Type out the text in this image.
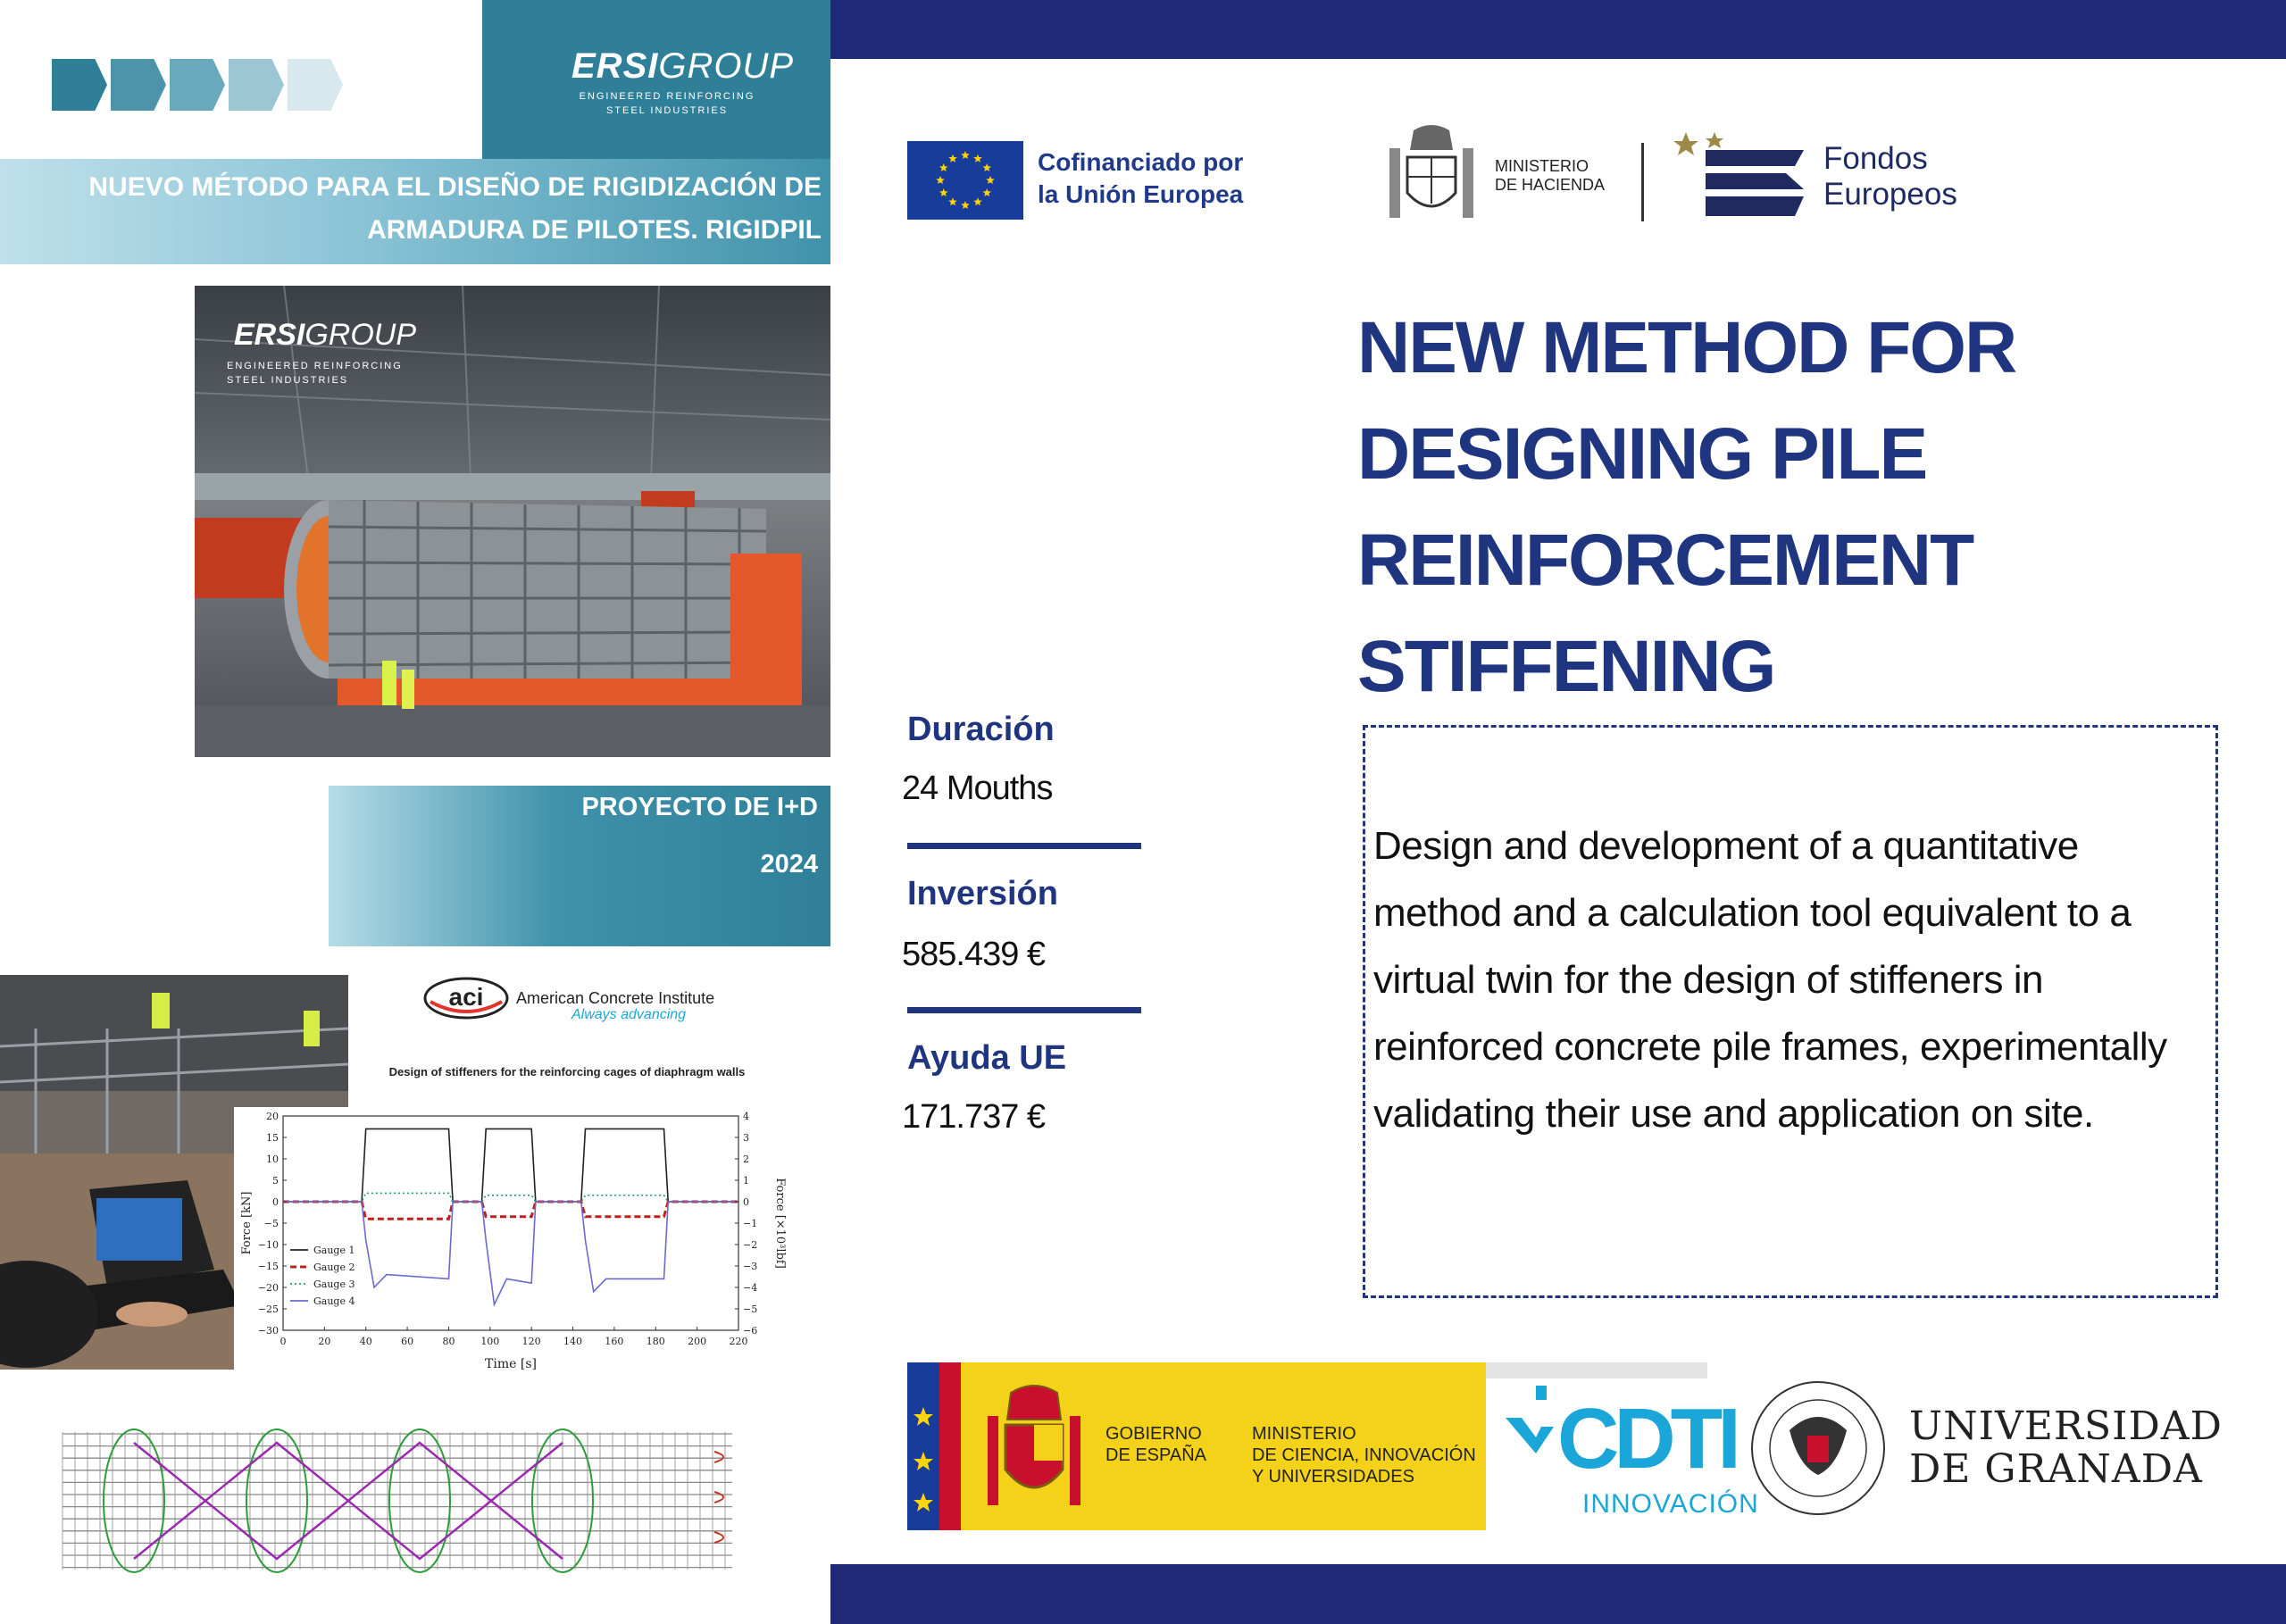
ERSIGROUP
ENGINEERED REINFORCING
STEEL INDUSTRIES
NUEVO MÉTODO PARA EL DISEÑO DE RIGIDIZACIÓN DE
ARMADURA DE PILOTES. RIGIDPIL
ERSIGROUP
ENGINEERED REINFORCING
STEEL INDUSTRIES
PROYECTO DE I+D
2024
aci American Concrete Institute
Always advancing
Design of stiffeners for the reinforcing cages of diaphragm walls
0	20	40	60	80	100 120 140 160 180 200 220
20
15
10
5
0
−5
−10
−15
−20
−25
−30
4
3
2
1
0
−1
−2
−3
−4
−5
−6
Gauge 1
Gauge 2
Gauge 3
Gauge 4
Time [s]
Force [kN]	Force [×10³lbf]
Cofinanciado por
la Unión Europea
MINISTERIO
DE HACIENDA
Fondos
Europeos
NEW METHOD FOR
DESIGNING PILE
REINFORCEMENT
STIFFENING
Design and development of a quantitative method and a calculation tool equivalent to a virtual twin for the design of stiffeners in reinforced concrete pile frames, experimentally validating their use and application on site.
Duración
24 Mouths
Inversión
585.439 €
Ayuda UE
171.737 €
GOBIERNO
DE ESPAÑA
MINISTERIO
DE CIENCIA, INNOVACIÓN
Y UNIVERSIDADES	CDTI
INNOVACIÓN
UNIVERSIDAD
DE GRANADA
